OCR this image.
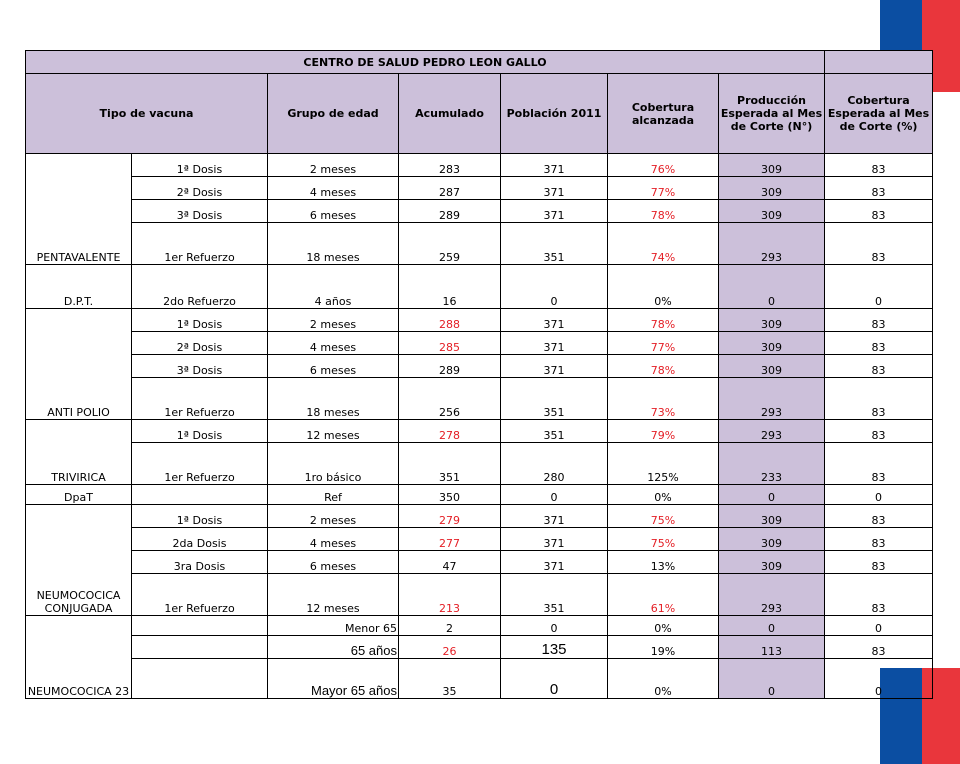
CENTRO DE SALUD PEDRO LEON GALLO							
Tipo de vacuna		Grupo de edad	Acumulado	Población 2011	Cobertura alcanzada	Producción Esperada al Mes de Corte (N°)	Cobertura Esperada al Mes de Corte (%)
PENTAVALENTE	1ª Dosis	2 meses	283	371	76%	309	83
	2ª Dosis	4 meses	287	371	77%	309	83
	3ª Dosis	6 meses	289	371	78%	309	83
	1er Refuerzo	18 meses	259	351	74%	293	83
D.P.T.	2do Refuerzo	4 años	16	0	0%	0	0
ANTI POLIO	1ª Dosis	2 meses	288	371	78%	309	83
	2ª Dosis	4 meses	285	371	77%	309	83
	3ª Dosis	6 meses	289	371	78%	309	83
	1er Refuerzo	18 meses	256	351	73%	293	83
TRIVIRICA	1ª Dosis	12 meses	278	351	79%	293	83
	1er Refuerzo	1ro básico	351	280	125%	233	83
DpaT		Ref	350	0	0%	0	0
NEUMOCOCICA CONJUGADA	1ª Dosis	2 meses	279	371	75%	309	83
	2da Dosis	4 meses	277	371	75%	309	83
	3ra Dosis	6 meses	47	371	13%	309	83
	1er Refuerzo	12 meses	213	351	61%	293	83
NEUMOCOCICA 23		Menor 65	2	0	0%	0	0
		65 años	26	135	19%	113	83
		Mayor 65 años	35	0	0%	0	0
